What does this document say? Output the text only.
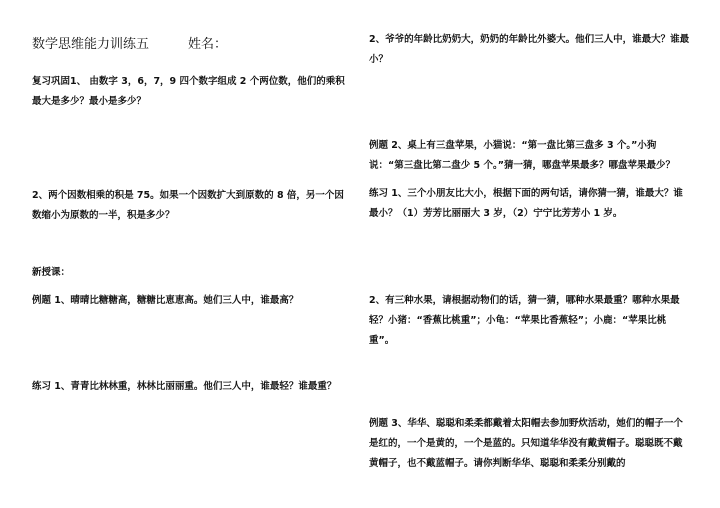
数学思维能力训练五	姓名：
复习巩固1、 由数字 3，6，7，9 四个数字组成 2 个两位数，他们的乘积最大是多少？最小是多少？
2、两个因数相乘的积是 75。如果一个因数扩大到原数的 8 倍，另一个因数缩小为原数的一半，积是多少？
新授课：
例题 1、晴晴比糖糖高，糖糖比恵恵高。她们三人中，谁最高？
练习 1、青青比林林重，林林比丽丽重。他们三人中，谁最轻？谁最重？
2、爷爷的年龄比奶奶大，奶奶的年龄比外婆大。他们三人中，谁最大？谁最小？
例题 2、桌上有三盘苹果，小猫说：“第一盘比第三盘多 3 个。”小狗说：“第三盘比第二盘少 5 个。”猜一猜，哪盘苹果最多？哪盘苹果最少？
练习 1、三个小朋友比大小，根据下面的两句话，请你猜一猜，谁最大？谁最小？（1）芳芳比丽丽大 3 岁，（2）宁宁比芳芳小 1 岁。
2、有三种水果，请根据动物们的话，猜一猜，哪种水果最重？哪种水果最轻？小猪：“香蕉比桃重”；小龟：“苹果比香蕉轻”；小鹿：“苹果比桃重”。
例题 3、华华、聪聪和柔柔都戴着太阳帽去参加野炊活动，她们的帽子一个是红的，一个是黄的，一个是蓝的。只知道华华没有戴黄帽子。聪聪既不戴黄帽子，也不戴蓝帽子。请你判断华华、聪聪和柔柔分别戴的
